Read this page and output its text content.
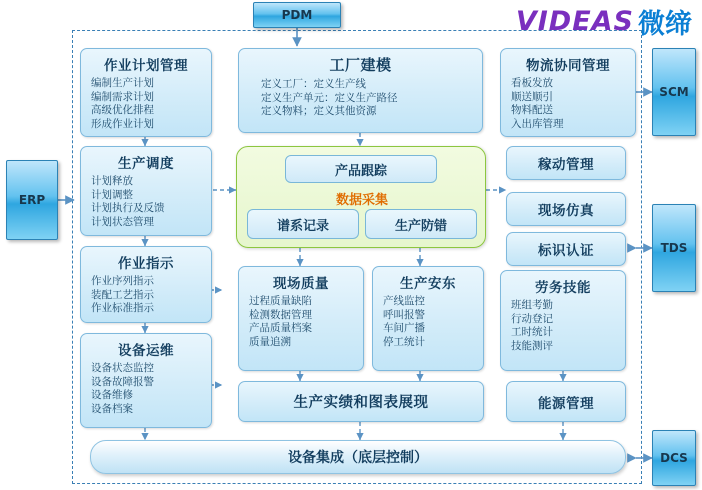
VIDEAS 微缔
PDM
SCM
ERP
TDS
DCS
作业计划管理
编制生产计划
编制需求计划
高级优化排程
形成作业计划
生产调度
计划释放
计划调整
计划执行及反馈
计划状态管理
作业指示
作业序列指示
装配工艺指示
作业标准指示
设备运维
设备状态监控
设备故障报警
设备维修
设备档案
工厂建模
定义工厂：定义生产线
定义生产单元：定义生产路径
定义物料；定义其他资源
物流协同管理
看板发放
顺送顺引
物料配送
入出库管理
产品跟踪
数据采集
谱系记录	生产防错
稼动管理
现场仿真
标识认证
现场质量
过程质量缺陷
检测数据管理
产品质量档案
质量追溯
生产安东
产线监控
呼叫报警
车间广播
停工统计
劳务技能
班组考勤
行动登记
工时统计
技能测评
生产实绩和图表展现	能源管理
设备集成（底层控制）
